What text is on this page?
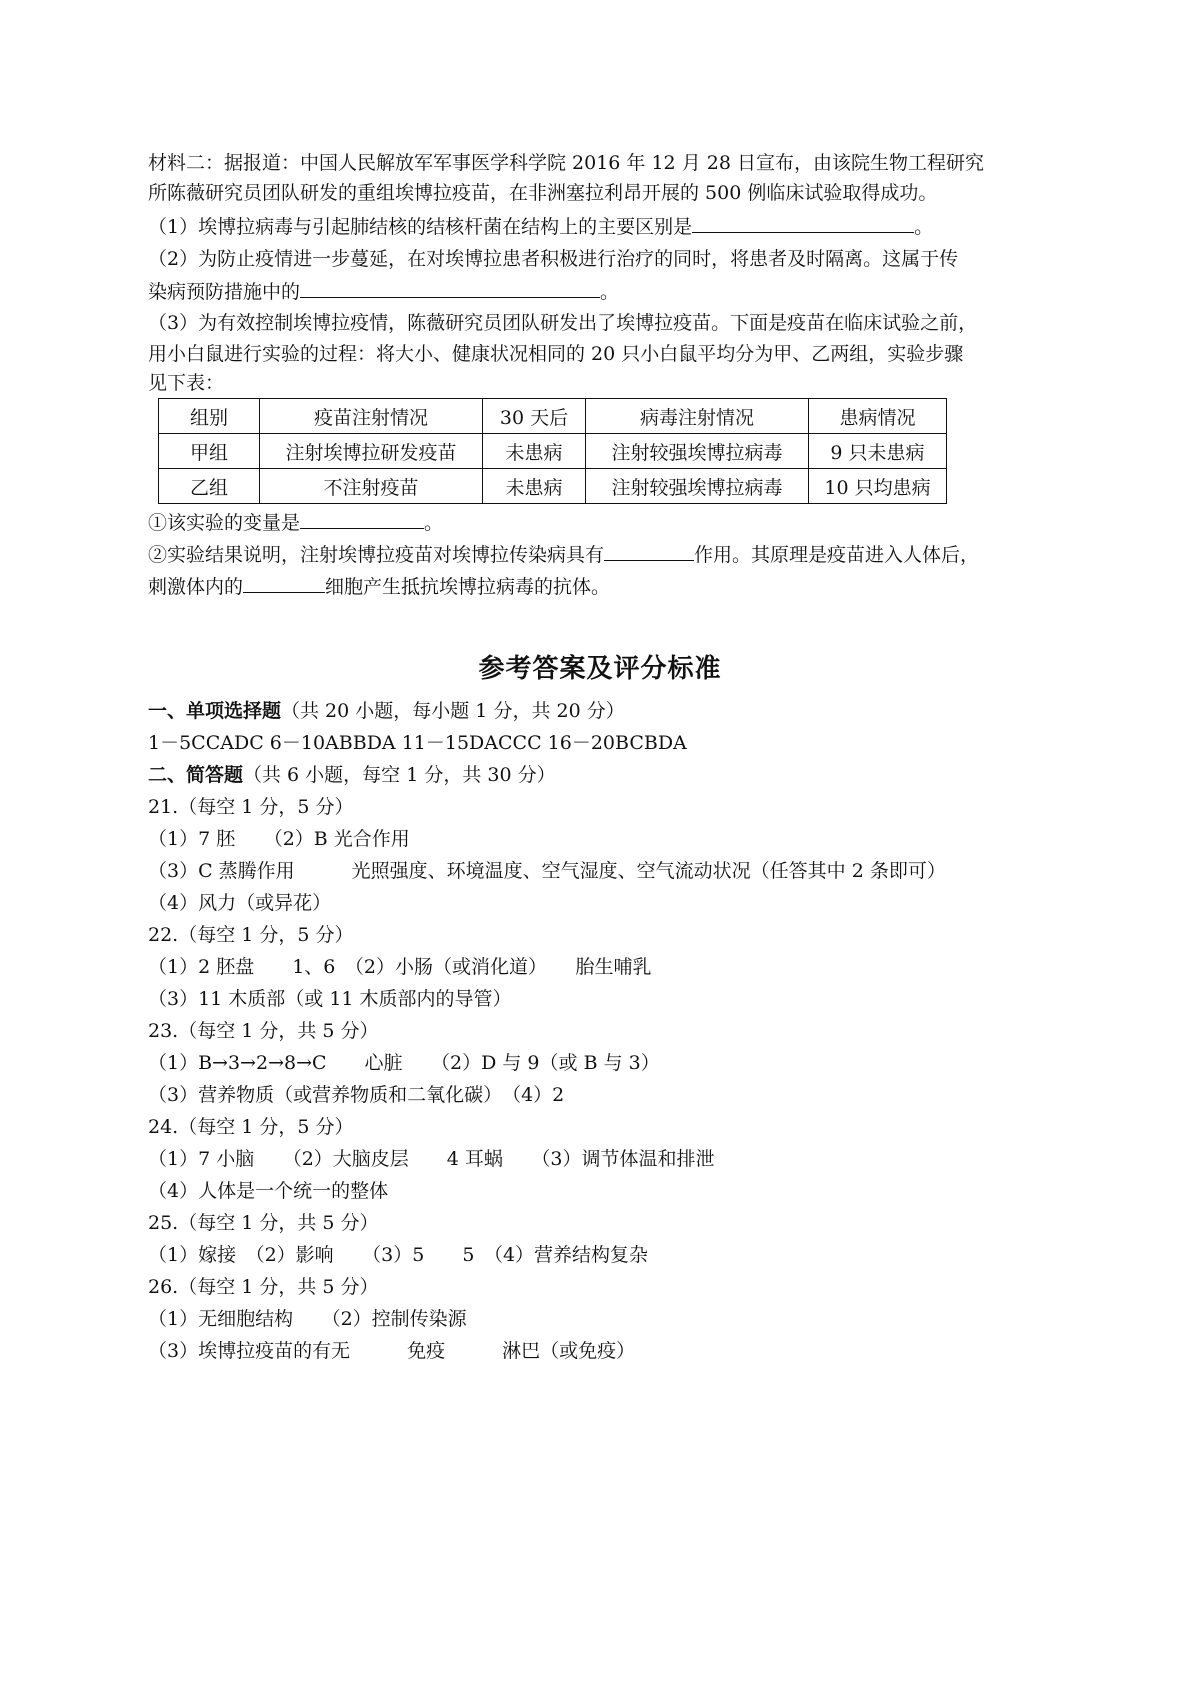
材料二：据报道：中国人民解放军军事医学科学院 2016 年 12 月 28 日宣布，由该院生物工程研究
所陈薇研究员团队研发的重组埃博拉疫苗，在非洲塞拉利昂开展的 500 例临床试验取得成功。
（1）埃博拉病毒与引起肺结核的结核杆菌在结构上的主要区别是	。
（2）为防止疫情进一步蔓延，在对埃博拉患者积极进行治疗的同时，将患者及时隔离。这属于传
染病预防措施中的	。
（3）为有效控制埃博拉疫情，陈薇研究员团队研发出了埃博拉疫苗。下面是疫苗在临床试验之前，
用小白鼠进行实验的过程：将大小、健康状况相同的 20 只小白鼠平均分为甲、乙两组，实验步骤
见下表：
组别	疫苗注射情况	30 天后	病毒注射情况	患病情况
甲组	注射埃博拉研发疫苗	未患病	注射较强埃博拉病毒	9 只未患病
乙组	不注射疫苗	未患病	注射较强埃博拉病毒	10 只均患病
①该实验的变量是	。
②实验结果说明，注射埃博拉疫苗对埃博拉传染病具有	作用。其原理是疫苗进入人体后，
刺激体内的	细胞产生抵抗埃博拉病毒的抗体。
参考答案及评分标准
一、单项选择题（共 20 小题，每小题 1 分，共 20 分）
1－5CCADC 6－10ABBDA 11－15DACCC 16－20BCBDA
二、简答题（共 6 小题，每空 1 分，共 30 分）
21.（每空 1 分，5 分）
（1）7 胚　　（2）B 光合作用
（3）C 蒸腾作用　　　光照强度、环境温度、空气湿度、空气流动状况（任答其中 2 条即可）
（4）风力（或异花）
22.（每空 1 分，5 分）
（1）2 胚盘　　1、6　（2）小肠（或消化道）　　胎生哺乳
（3）11 木质部（或 11 木质部内的导管）
23.（每空 1 分，共 5 分）
（1）B→3→2→8→C　　心脏　　（2）D 与 9（或 B 与 3）
（3）营养物质（或营养物质和二氧化碳）　（4）2
24.（每空 1 分，5 分）
（1）7 小脑　　（2）大脑皮层　　4 耳蜗　　（3）调节体温和排泄
（4）人体是一个统一的整体
25.（每空 1 分，共 5 分）
（1）嫁接　（2）影响　　（3）5　　5　（4）营养结构复杂
26.（每空 1 分，共 5 分）
（1）无细胞结构　　（2）控制传染源
（3）埃博拉疫苗的有无　　　免疫　　　淋巴（或免疫）
